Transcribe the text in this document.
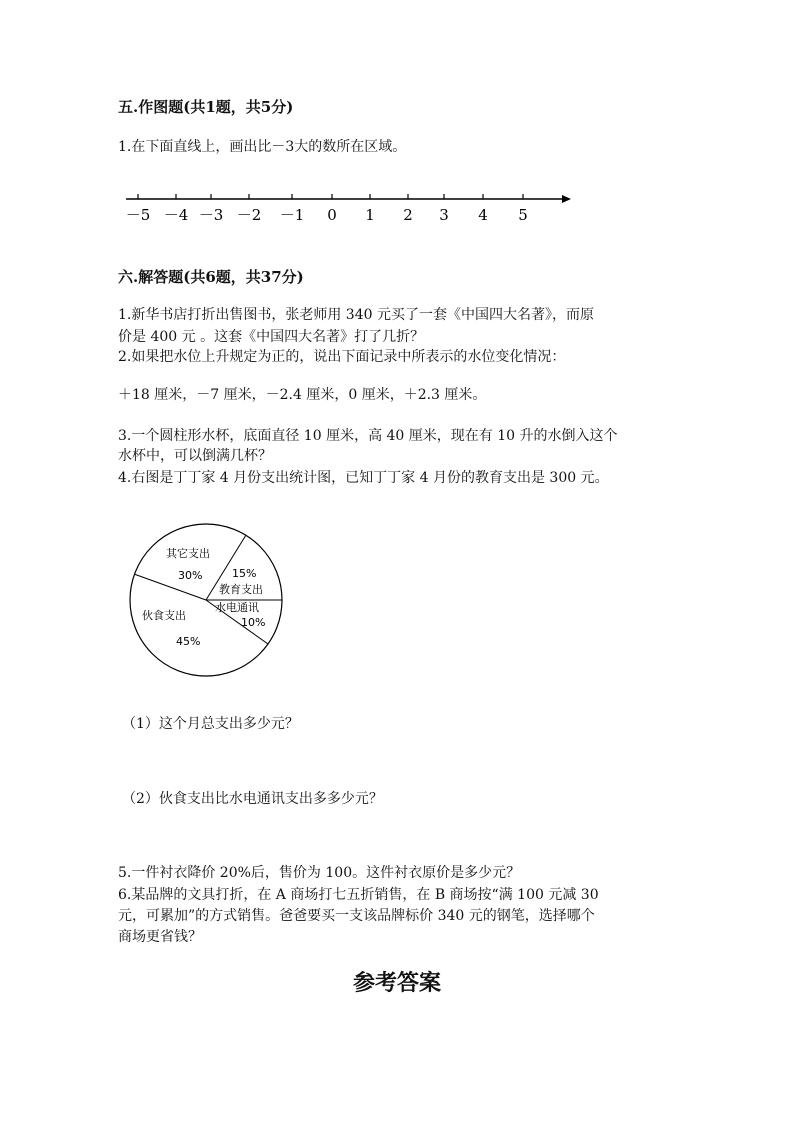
五.作图题(共1题，共5分)
1.在下面直线上，画出比－3大的数所在区域。
－5 －4 －3 －2 －1 0 1 2 3 4 5
六.解答题(共6题，共37分)
1.新华书店打折出售图书，张老师用 340 元买了一套《中国四大名著》，而原
价是 400 元 。这套《中国四大名著》打了几折？
2.如果把水位上升规定为正的，说出下面记录中所表示的水位变化情况：
＋18 厘米，－7 厘米，－2.4 厘米，0 厘米，＋2.3 厘米。
3.一个圆柱形水杯，底面直径 10 厘米，高 40 厘米，现在有 10 升的水倒入这个
水杯中，可以倒满几杯？
4.右图是丁丁家 4 月份支出统计图，已知丁丁家 4 月份的教育支出是 300 元。
其它支出
30%	15%
教育支出
水电通讯
10%
伙食支出
45%
（1）这个月总支出多少元？
（2）伙食支出比水电通讯支出多多少元？
5.一件衬衣降价 20%后，售价为 100。这件衬衣原价是多少元？
6.某品牌的文具打折，在 A 商场打七五折销售，在 B 商场按“满 100 元减 30
元，可累加”的方式销售。爸爸要买一支该品牌标价 340 元的钢笔，选择哪个
商场更省钱？
参考答案
